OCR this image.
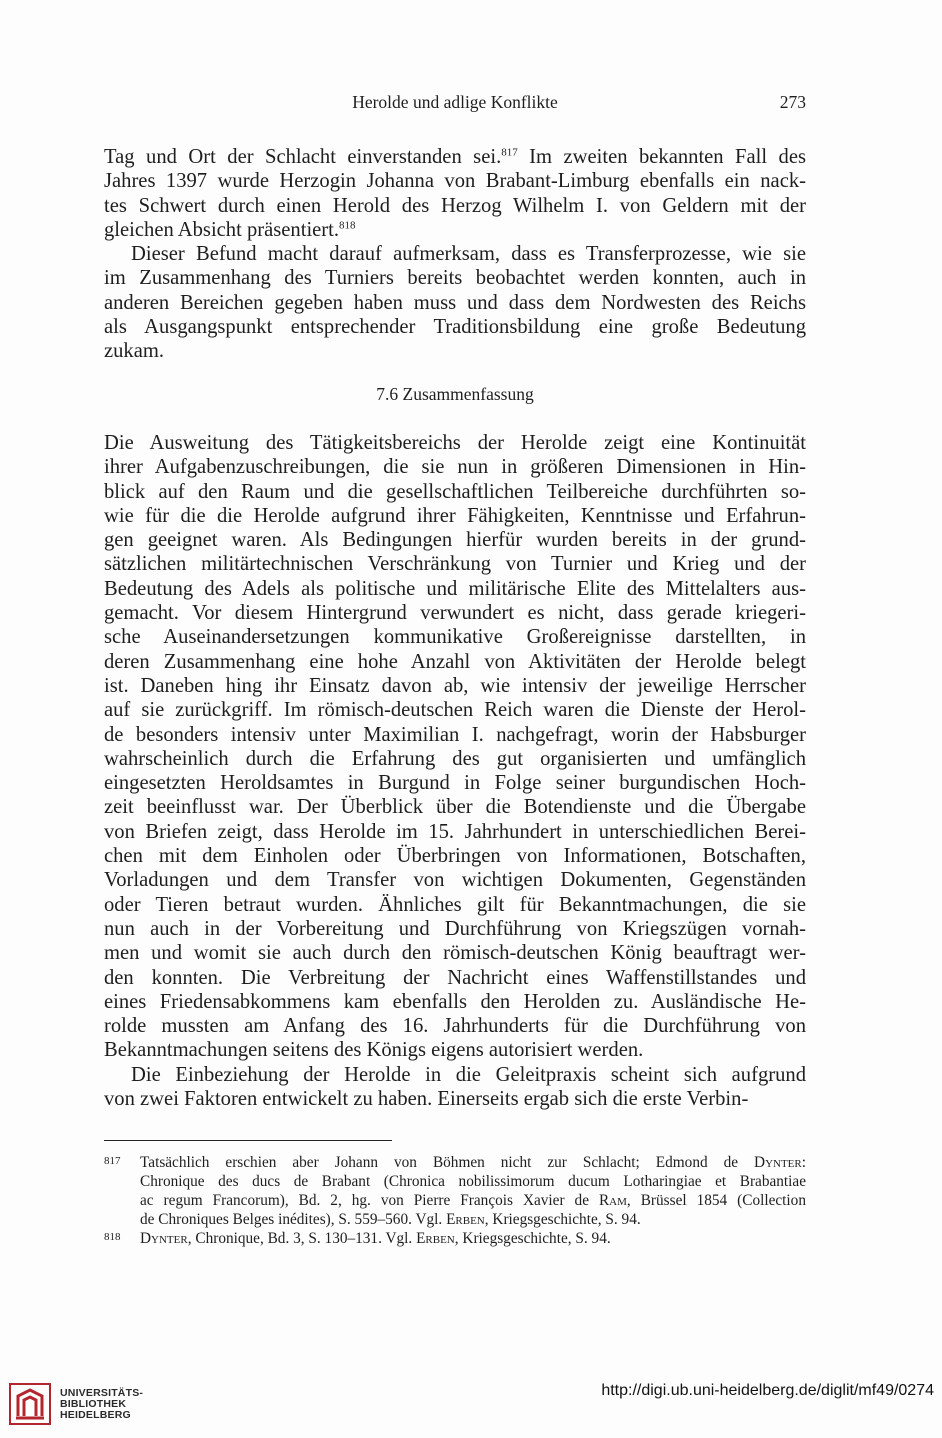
Herolde und adlige Konflikte	273
Tag und Ort der Schlacht einverstanden sei.$^{817}$ Im zweiten bekannten Fall des
Jahres 1397 wurde Herzogin Johanna von Brabant-Limburg ebenfalls ein nack-
tes Schwert durch einen Herold des Herzog Wilhelm I. von Geldern mit der
gleichen Absicht präsentiert.$^{818}$
Dieser Befund macht darauf aufmerksam, dass es Transferprozesse, wie sie
im Zusammenhang des Turniers bereits beobachtet werden konnten, auch in
anderen Bereichen gegeben haben muss und dass dem Nordwesten des Reichs
als Ausgangspunkt entsprechender Traditionsbildung eine große Bedeutung
zukam.
7.6 Zusammenfassung
Die Ausweitung des Tätigkeitsbereichs der Herolde zeigt eine Kontinuität
ihrer Aufgabenzuschreibungen, die sie nun in größeren Dimensionen in Hin-
blick auf den Raum und die gesellschaftlichen Teilbereiche durchführten so-
wie für die die Herolde aufgrund ihrer Fähigkeiten, Kenntnisse und Erfahrun-
gen geeignet waren. Als Bedingungen hierfür wurden bereits in der grund-
sätzlichen militärtechnischen Verschränkung von Turnier und Krieg und der
Bedeutung des Adels als politische und militärische Elite des Mittelalters aus-
gemacht. Vor diesem Hintergrund verwundert es nicht, dass gerade kriegeri-
sche Auseinandersetzungen kommunikative Großereignisse darstellten, in
deren Zusammenhang eine hohe Anzahl von Aktivitäten der Herolde belegt
ist. Daneben hing ihr Einsatz davon ab, wie intensiv der jeweilige Herrscher
auf sie zurückgriff. Im römisch-deutschen Reich waren die Dienste der Herol-
de besonders intensiv unter Maximilian I. nachgefragt, worin der Habsburger
wahrscheinlich durch die Erfahrung des gut organisierten und umfänglich
eingesetzten Heroldsamtes in Burgund in Folge seiner burgundischen Hoch-
zeit beeinflusst war. Der Überblick über die Botendienste und die Übergabe
von Briefen zeigt, dass Herolde im 15. Jahrhundert in unterschiedlichen Berei-
chen mit dem Einholen oder Überbringen von Informationen, Botschaften,
Vorladungen und dem Transfer von wichtigen Dokumenten, Gegenständen
oder Tieren betraut wurden. Ähnliches gilt für Bekanntmachungen, die sie
nun auch in der Vorbereitung und Durchführung von Kriegszügen vornah-
men und womit sie auch durch den römisch-deutschen König beauftragt wer-
den konnten. Die Verbreitung der Nachricht eines Waffenstillstandes und
eines Friedensabkommens kam ebenfalls den Herolden zu. Ausländische He-
rolde mussten am Anfang des 16. Jahrhunderts für die Durchführung von
Bekanntmachungen seitens des Königs eigens autorisiert werden.
Die Einbeziehung der Herolde in die Geleitpraxis scheint sich aufgrund
von zwei Faktoren entwickelt zu haben. Einerseits ergab sich die erste Verbin-
817 Tatsächlich erschien aber Johann von Böhmen nicht zur Schlacht; Edmond de Dynter:
Chronique des ducs de Brabant (Chronica nobilissimorum ducum Lotharingiae et Brabantiae
ac regum Francorum), Bd. 2, hg. von Pierre François Xavier de Ram, Brüssel 1854 (Collection
de Chroniques Belges inédites), S. 559–560. Vgl. Erben, Kriegsgeschichte, S. 94.
818 Dynter, Chronique, Bd. 3, S. 130–131. Vgl. Erben, Kriegsgeschichte, S. 94.
UNIVERSITÄTS-
BIBLIOTHEK
HEIDELBERG
http://digi.ub.uni-heidelberg.de/diglit/mf49/0274
